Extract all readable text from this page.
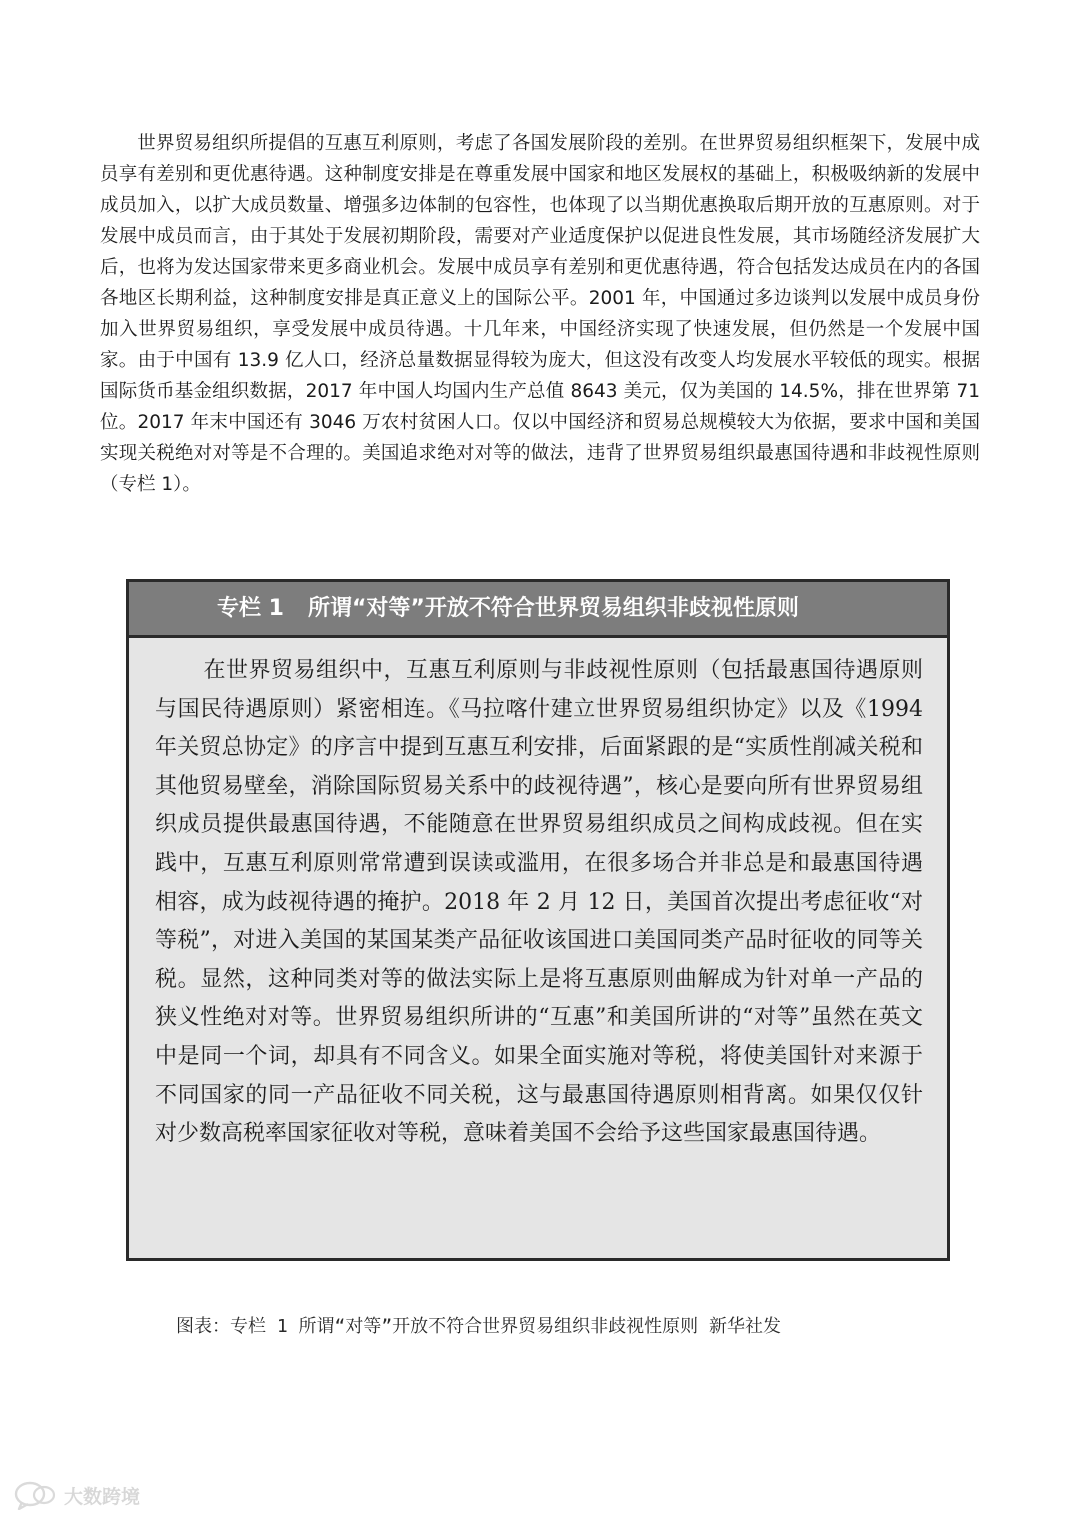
世界贸易组织所提倡的互惠互利原则，考虑了各国发展阶段的差别。在世界贸易组织框架下，发展中成员享有差别和更优惠待遇。这种制度安排是在尊重发展中国家和地区发展权的基础上，积极吸纳新的发展中成员加入，以扩大成员数量、增强多边体制的包容性，也体现了以当期优惠换取后期开放的互惠原则。对于发展中成员而言，由于其处于发展初期阶段，需要对产业适度保护以促进良性发展，其市场随经济发展扩大后，也将为发达国家带来更多商业机会。发展中成员享有差别和更优惠待遇，符合包括发达成员在内的各国各地区长期利益，这种制度安排是真正意义上的国际公平。2001 年，中国通过多边谈判以发展中成员身份加入世界贸易组织，享受发展中成员待遇。十几年来，中国经济实现了快速发展，但仍然是一个发展中国家。由于中国有 13.9 亿人口，经济总量数据显得较为庞大，但这没有改变人均发展水平较低的现实。根据国际货币基金组织数据，2017 年中国人均国内生产总值 8643 美元，仅为美国的 14.5%，排在世界第 71 位。2017 年末中国还有 3046 万农村贫困人口。仅以中国经济和贸易总规模较大为依据，要求中国和美国实现关税绝对对等是不合理的。美国追求绝对对等的做法，违背了世界贸易组织最惠国待遇和非歧视性原则（专栏 1）。

专栏 1 所谓“对等”开放不符合世界贸易组织非歧视性原则

在世界贸易组织中，互惠互利原则与非歧视性原则（包括最惠国待遇原则与国民待遇原则）紧密相连。《马拉喀什建立世界贸易组织协定》以及《1994 年关贸总协定》的序言中提到互惠互利安排，后面紧跟的是“实质性削减关税和其他贸易壁垒，消除国际贸易关系中的歧视待遇”，核心是要向所有世界贸易组织成员提供最惠国待遇，不能随意在世界贸易组织成员之间构成歧视。但在实践中，互惠互利原则常常遭到误读或滥用，在很多场合并非总是和最惠国待遇相容，成为歧视待遇的掩护。2018 年 2 月 12 日，美国首次提出考虑征收“对等税”，对进入美国的某国某类产品征收该国进口美国同类产品时征收的同等关税。显然，这种同类对等的做法实际上是将互惠原则曲解成为针对单一产品的狭义性绝对对等。世界贸易组织所讲的“互惠”和美国所讲的“对等”虽然在英文中是同一个词，却具有不同含义。如果全面实施对等税，将使美国针对来源于不同国家的同一产品征收不同关税，这与最惠国待遇原则相背离。如果仅仅针对少数高税率国家征收对等税，意味着美国不会给予这些国家最惠国待遇。

图表：专栏 1 所谓“对等”开放不符合世界贸易组织非歧视性原则 新华社发

大数跨境
